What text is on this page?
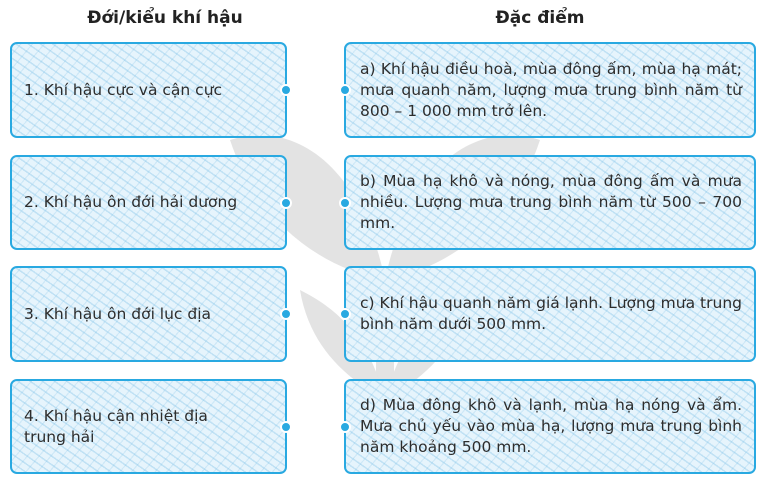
Đới/kiểu khí hậu	Đặc điểm
1. Khí hậu cực và cận cực
2. Khí hậu ôn đới hải dương
3. Khí hậu ôn đới lục địa
4. Khí hậu cận nhiệt địa trung hải
a) Khí hậu điều hoà, mùa đông ấm, mùa hạ mát; mưa quanh năm, lượng mưa trung bình năm từ 800 – 1 000 mm trở lên.
b) Mùa hạ khô và nóng, mùa đông ấm và mưa nhiều. Lượng mưa trung bình năm từ 500 – 700 mm.
c) Khí hậu quanh năm giá lạnh. Lượng mưa trung bình năm dưới 500 mm.
d) Mùa đông khô và lạnh, mùa hạ nóng và ẩm. Mưa chủ yếu vào mùa hạ, lượng mưa trung bình năm khoảng 500 mm.
